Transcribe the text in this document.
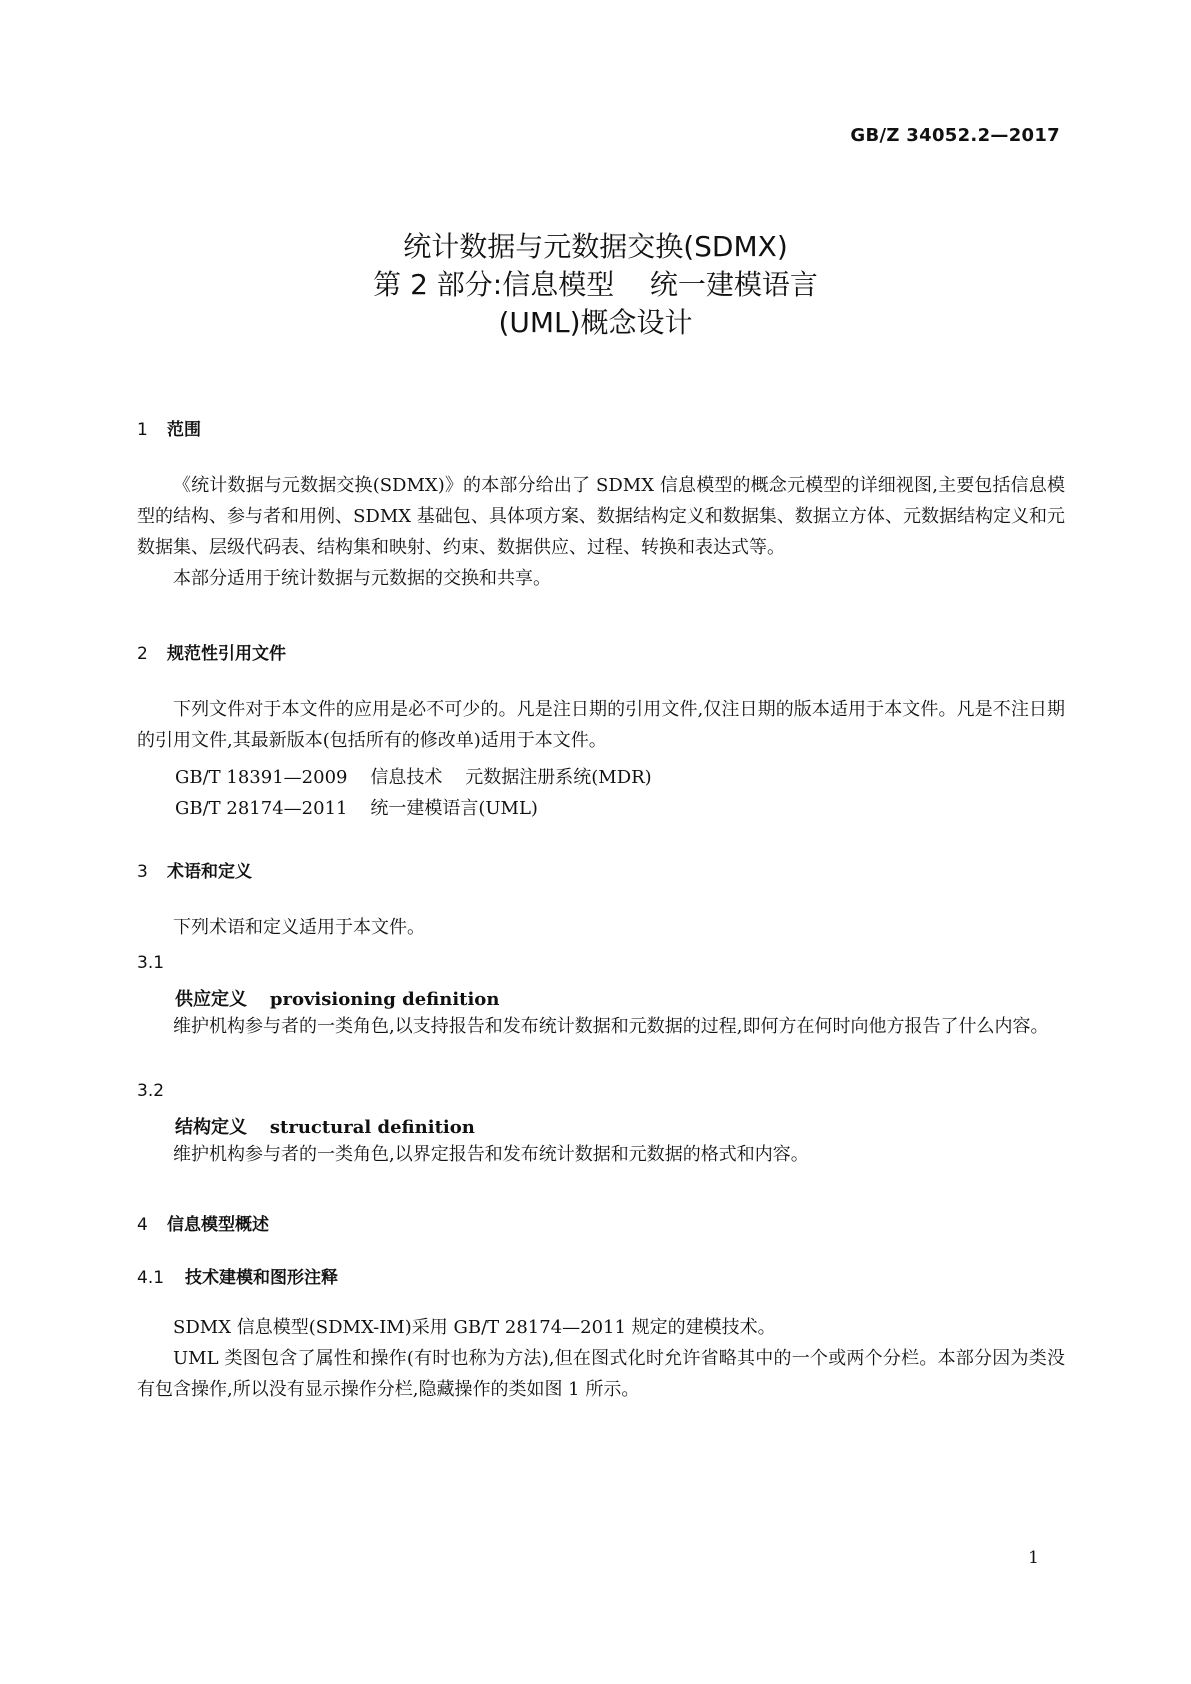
GB/Z 34052.2—2017
统计数据与元数据交换(SDMX)
第 2 部分:信息模型    统一建模语言
(UML)概念设计
1 范围
《统计数据与元数据交换(SDMX)》的本部分给出了 SDMX 信息模型的概念元模型的详细视图,主要包括信息模型的结构、参与者和用例、SDMX 基础包、具体项方案、数据结构定义和数据集、数据立方体、元数据结构定义和元数据集、层级代码表、结构集和映射、约束、数据供应、过程、转换和表达式等。
本部分适用于统计数据与元数据的交换和共享。
2 规范性引用文件
下列文件对于本文件的应用是必不可少的。凡是注日期的引用文件,仅注日期的版本适用于本文件。凡是不注日期的引用文件,其最新版本(包括所有的修改单)适用于本文件。
GB/T 18391—2009    信息技术    元数据注册系统(MDR)
GB/T 28174—2011    统一建模语言(UML)
3 术语和定义
下列术语和定义适用于本文件。
3.1
供应定义 provisioning definition
维护机构参与者的一类角色,以支持报告和发布统计数据和元数据的过程,即何方在何时向他方报告了什么内容。
3.2
结构定义 structural definition
维护机构参与者的一类角色,以界定报告和发布统计数据和元数据的格式和内容。
4 信息模型概述
4.1 技术建模和图形注释
SDMX 信息模型(SDMX-IM)采用 GB/T 28174—2011 规定的建模技术。
UML 类图包含了属性和操作(有时也称为方法),但在图式化时允许省略其中的一个或两个分栏。本部分因为类没有包含操作,所以没有显示操作分栏,隐藏操作的类如图 1 所示。
1
